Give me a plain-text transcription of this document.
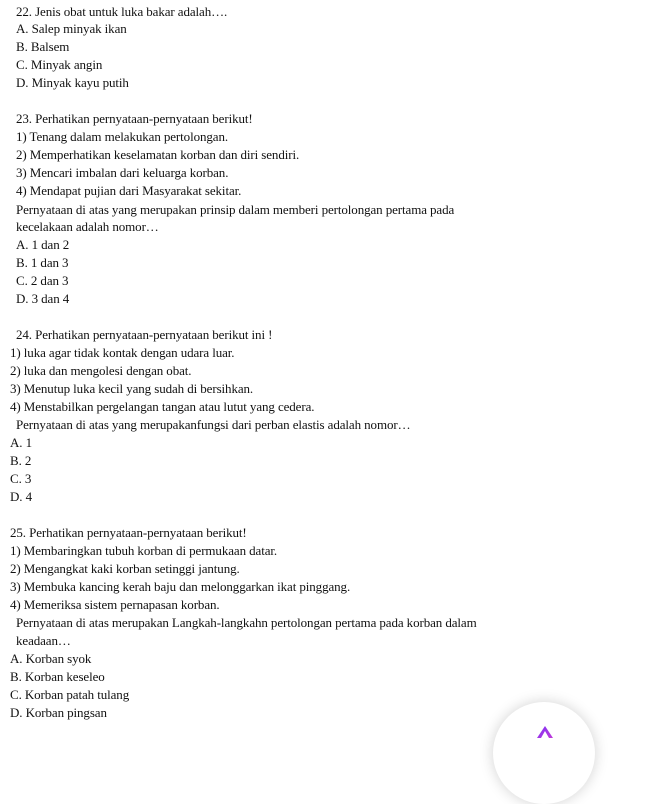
22. Jenis obat untuk luka bakar adalah….
A. Salep minyak ikan
B. Balsem
C. Minyak angin
D. Minyak kayu putih
23. Perhatikan pernyataan-pernyataan berikut!
1) Tenang dalam melakukan pertolongan.
2) Memperhatikan keselamatan korban dan diri sendiri.
3) Mencari imbalan dari keluarga korban.
4) Mendapat pujian dari Masyarakat sekitar.
Pernyataan di atas yang merupakan prinsip dalam memberi pertolongan pertama pada
kecelakaan adalah nomor…
A. 1 dan 2
B. 1 dan 3
C. 2 dan 3
D. 3 dan 4
24. Perhatikan pernyataan-pernyataan berikut ini !
1) luka agar tidak kontak dengan udara luar.
2) luka dan mengolesi dengan obat.
3) Menutup luka kecil yang sudah di bersihkan.
4) Menstabilkan pergelangan tangan atau lutut yang cedera.
Pernyataan di atas yang merupakanfungsi dari perban elastis adalah nomor…
A. 1
B. 2
C. 3
D. 4
25. Perhatikan pernyataan-pernyataan berikut!
1) Membaringkan tubuh korban di permukaan datar.
2) Mengangkat kaki korban setinggi jantung.
3) Membuka kancing kerah baju dan melonggarkan ikat pinggang.
4) Memeriksa sistem pernapasan korban.
Pernyataan di atas merupakan Langkah-langkahn pertolongan pertama pada korban dalam
keadaan…
A. Korban syok
B. Korban keseleo
C. Korban patah tulang
D. Korban pingsan
